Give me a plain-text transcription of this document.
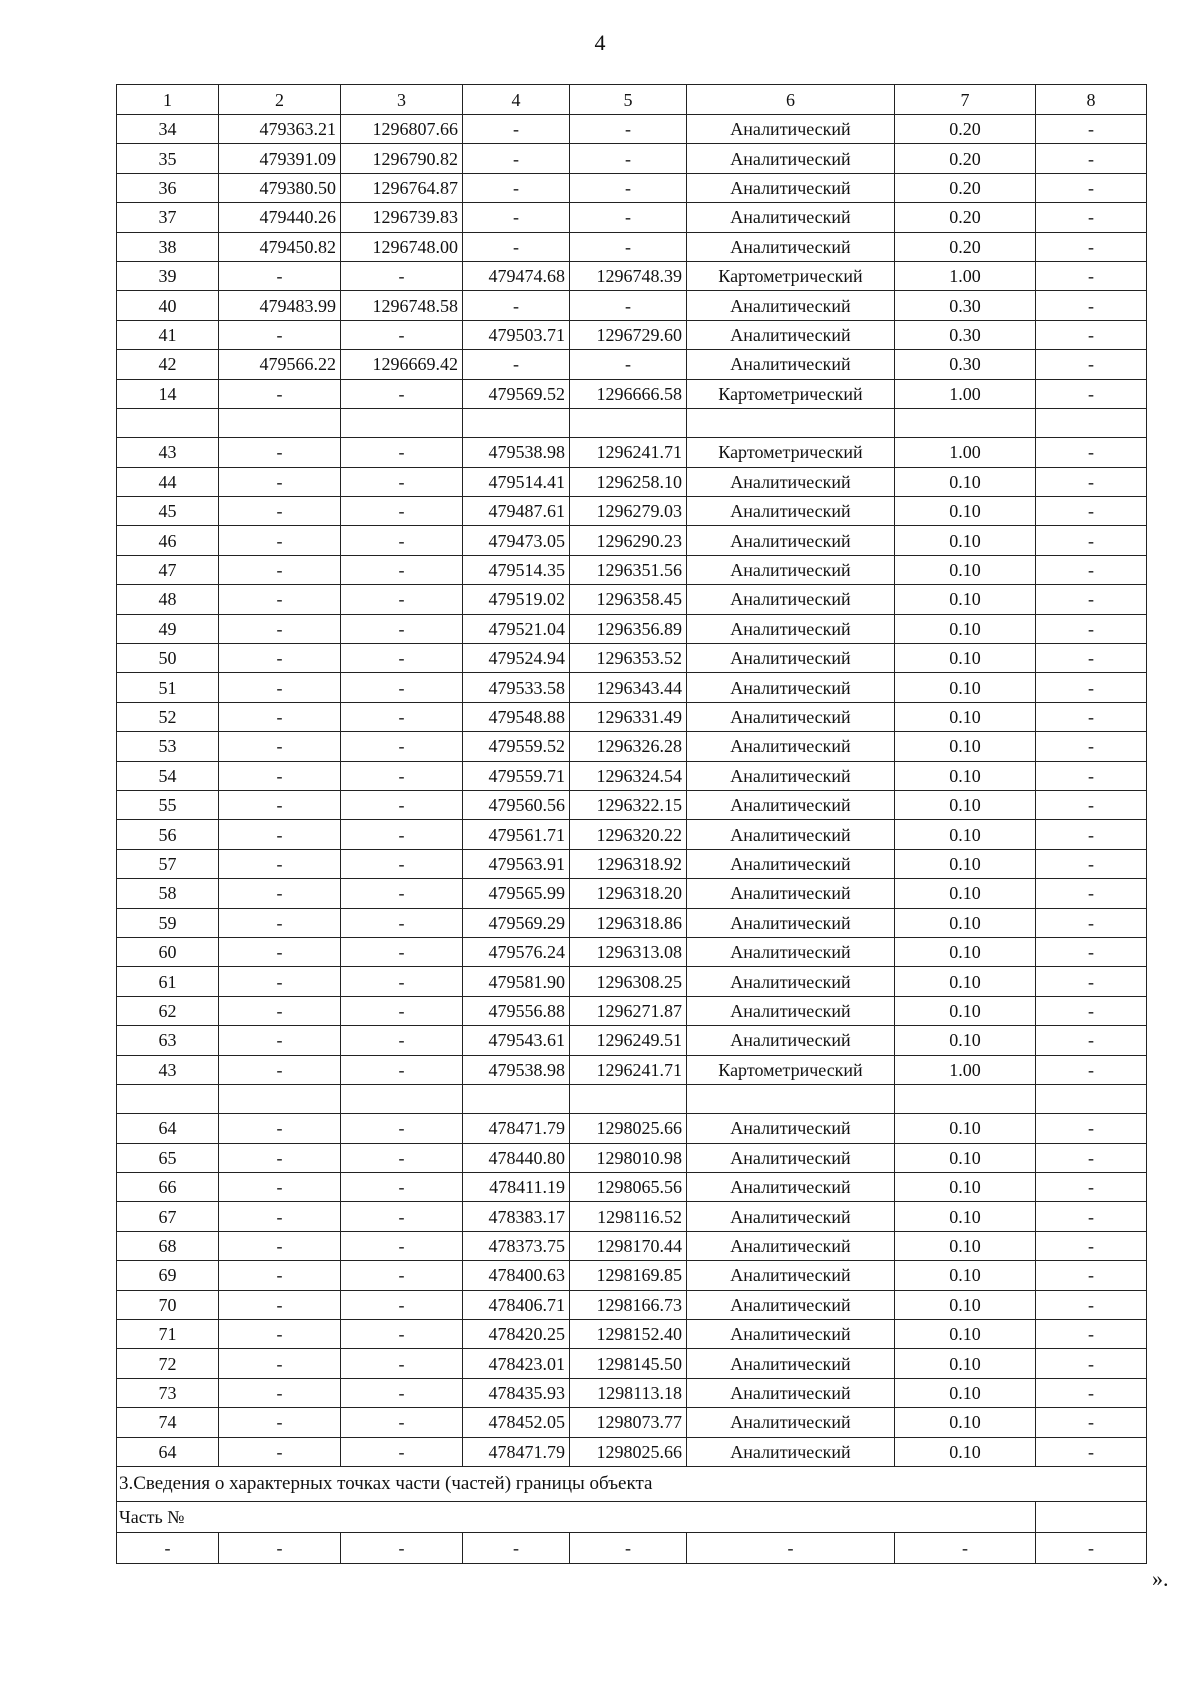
4
1	2	3	4	5	6	7	8
34	479363.21	1296807.66	-	-	Аналитический	0.20	-
35	479391.09	1296790.82	-	-	Аналитический	0.20	-
36	479380.50	1296764.87	-	-	Аналитический	0.20	-
37	479440.26	1296739.83	-	-	Аналитический	0.20	-
38	479450.82	1296748.00	-	-	Аналитический	0.20	-
39	-	-	479474.68	1296748.39	Картометрический	1.00	-
40	479483.99	1296748.58	-	-	Аналитический	0.30	-
41	-	-	479503.71	1296729.60	Аналитический	0.30	-
42	479566.22	1296669.42	-	-	Аналитический	0.30	-
14	-	-	479569.52	1296666.58	Картометрический	1.00	-

43	-	-	479538.98	1296241.71	Картометрический	1.00	-
44	-	-	479514.41	1296258.10	Аналитический	0.10	-
45	-	-	479487.61	1296279.03	Аналитический	0.10	-
46	-	-	479473.05	1296290.23	Аналитический	0.10	-
47	-	-	479514.35	1296351.56	Аналитический	0.10	-
48	-	-	479519.02	1296358.45	Аналитический	0.10	-
49	-	-	479521.04	1296356.89	Аналитический	0.10	-
50	-	-	479524.94	1296353.52	Аналитический	0.10	-
51	-	-	479533.58	1296343.44	Аналитический	0.10	-
52	-	-	479548.88	1296331.49	Аналитический	0.10	-
53	-	-	479559.52	1296326.28	Аналитический	0.10	-
54	-	-	479559.71	1296324.54	Аналитический	0.10	-
55	-	-	479560.56	1296322.15	Аналитический	0.10	-
56	-	-	479561.71	1296320.22	Аналитический	0.10	-
57	-	-	479563.91	1296318.92	Аналитический	0.10	-
58	-	-	479565.99	1296318.20	Аналитический	0.10	-
59	-	-	479569.29	1296318.86	Аналитический	0.10	-
60	-	-	479576.24	1296313.08	Аналитический	0.10	-
61	-	-	479581.90	1296308.25	Аналитический	0.10	-
62	-	-	479556.88	1296271.87	Аналитический	0.10	-
63	-	-	479543.61	1296249.51	Аналитический	0.10	-
43	-	-	479538.98	1296241.71	Картометрический	1.00	-

64	-	-	478471.79	1298025.66	Аналитический	0.10	-
65	-	-	478440.80	1298010.98	Аналитический	0.10	-
66	-	-	478411.19	1298065.56	Аналитический	0.10	-
67	-	-	478383.17	1298116.52	Аналитический	0.10	-
68	-	-	478373.75	1298170.44	Аналитический	0.10	-
69	-	-	478400.63	1298169.85	Аналитический	0.10	-
70	-	-	478406.71	1298166.73	Аналитический	0.10	-
71	-	-	478420.25	1298152.40	Аналитический	0.10	-
72	-	-	478423.01	1298145.50	Аналитический	0.10	-
73	-	-	478435.93	1298113.18	Аналитический	0.10	-
74	-	-	478452.05	1298073.77	Аналитический	0.10	-
64	-	-	478471.79	1298025.66	Аналитический	0.10	-
3.Сведения о характерных точках части (частей) границы объекта							
Часть №							
-	-	-	-	-	-	-	-
».
